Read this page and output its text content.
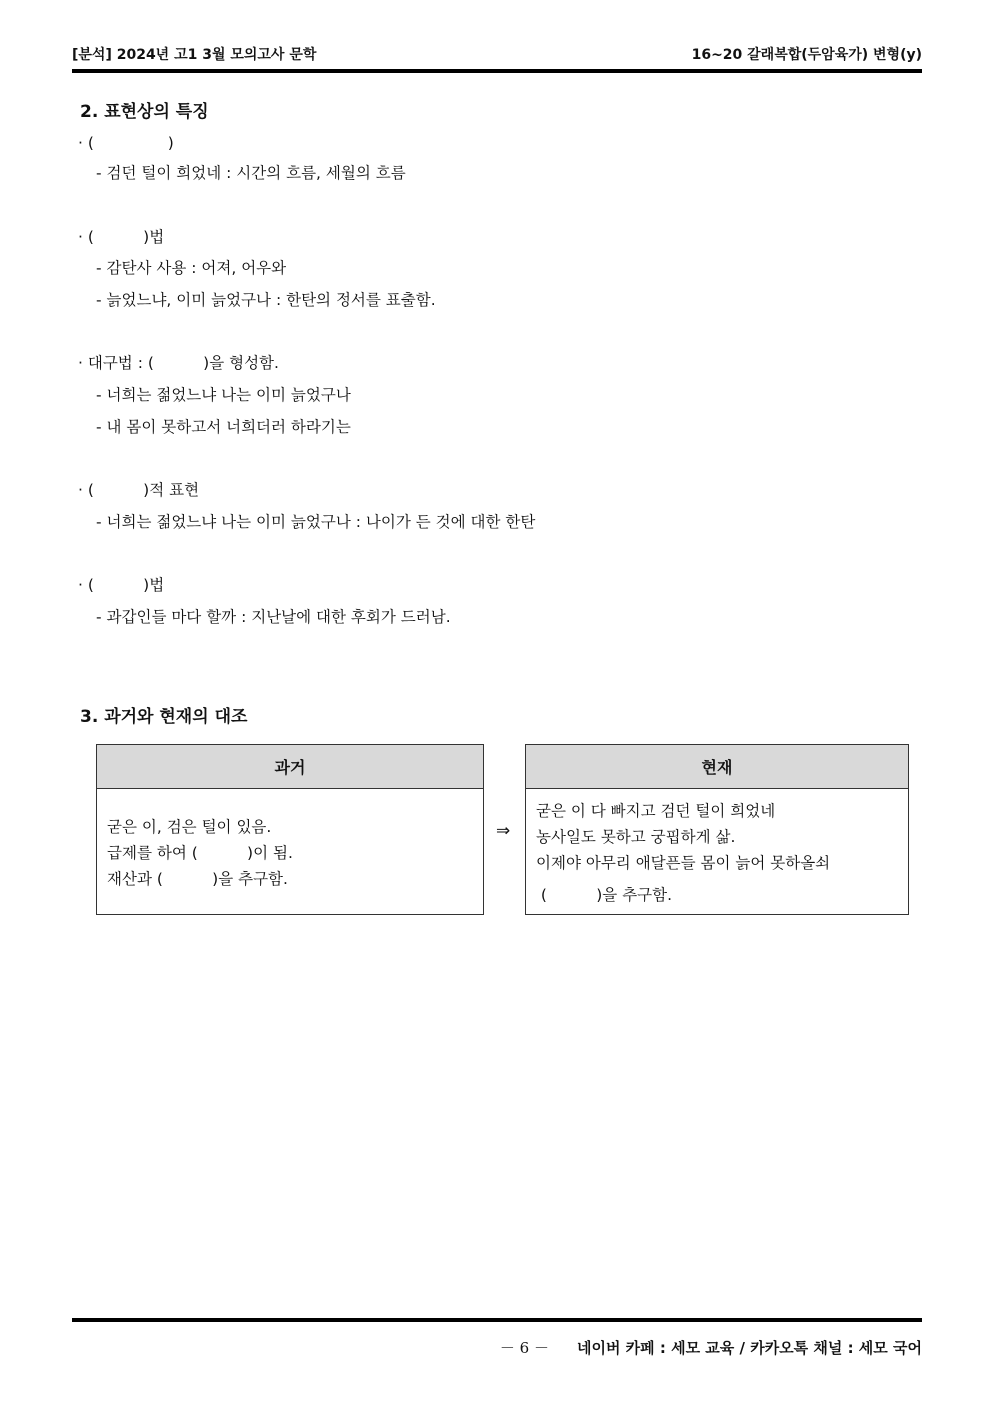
[분석] 2024년 고1 3월 모의고사 문학	16~20 갈래복합(두암육가) 변형(y)
2. 표현상의 특징
· (               )
- 검던 털이 희었네 : 시간의 흐름, 세월의 흐름
· (          )법
- 감탄사 사용 : 어져, 어우와
- 늙었느냐, 이미 늙었구나 : 한탄의 정서를 표출함.
· 대구법 : (          )을 형성함.
- 너희는 젊었느냐 나는 이미 늙었구나
- 내 몸이 못하고서 너희더러 하라기는
· (          )적 표현
- 너희는 젊었느냐 나는 이미 늙었구나 : 나이가 든 것에 대한 한탄
· (          )법
- 과갑인들 마다 할까 : 지난날에 대한 후회가 드러남.
3. 과거와 현재의 대조
과거
굳은 이, 검은 털이 있음.
급제를 하여 (          )이 됨.
재산과 (          )을 추구함.
⇒
현재
굳은 이 다 빠지고 검던 털이 희었네
농사일도 못하고 궁핍하게 삶.
이제야 아무리 애달픈들 몸이 늙어 못하올쇠
(          )을 추구함.
－ 6 － 네이버 카페 : 세모 교육 / 카카오톡 채널 : 세모 국어
